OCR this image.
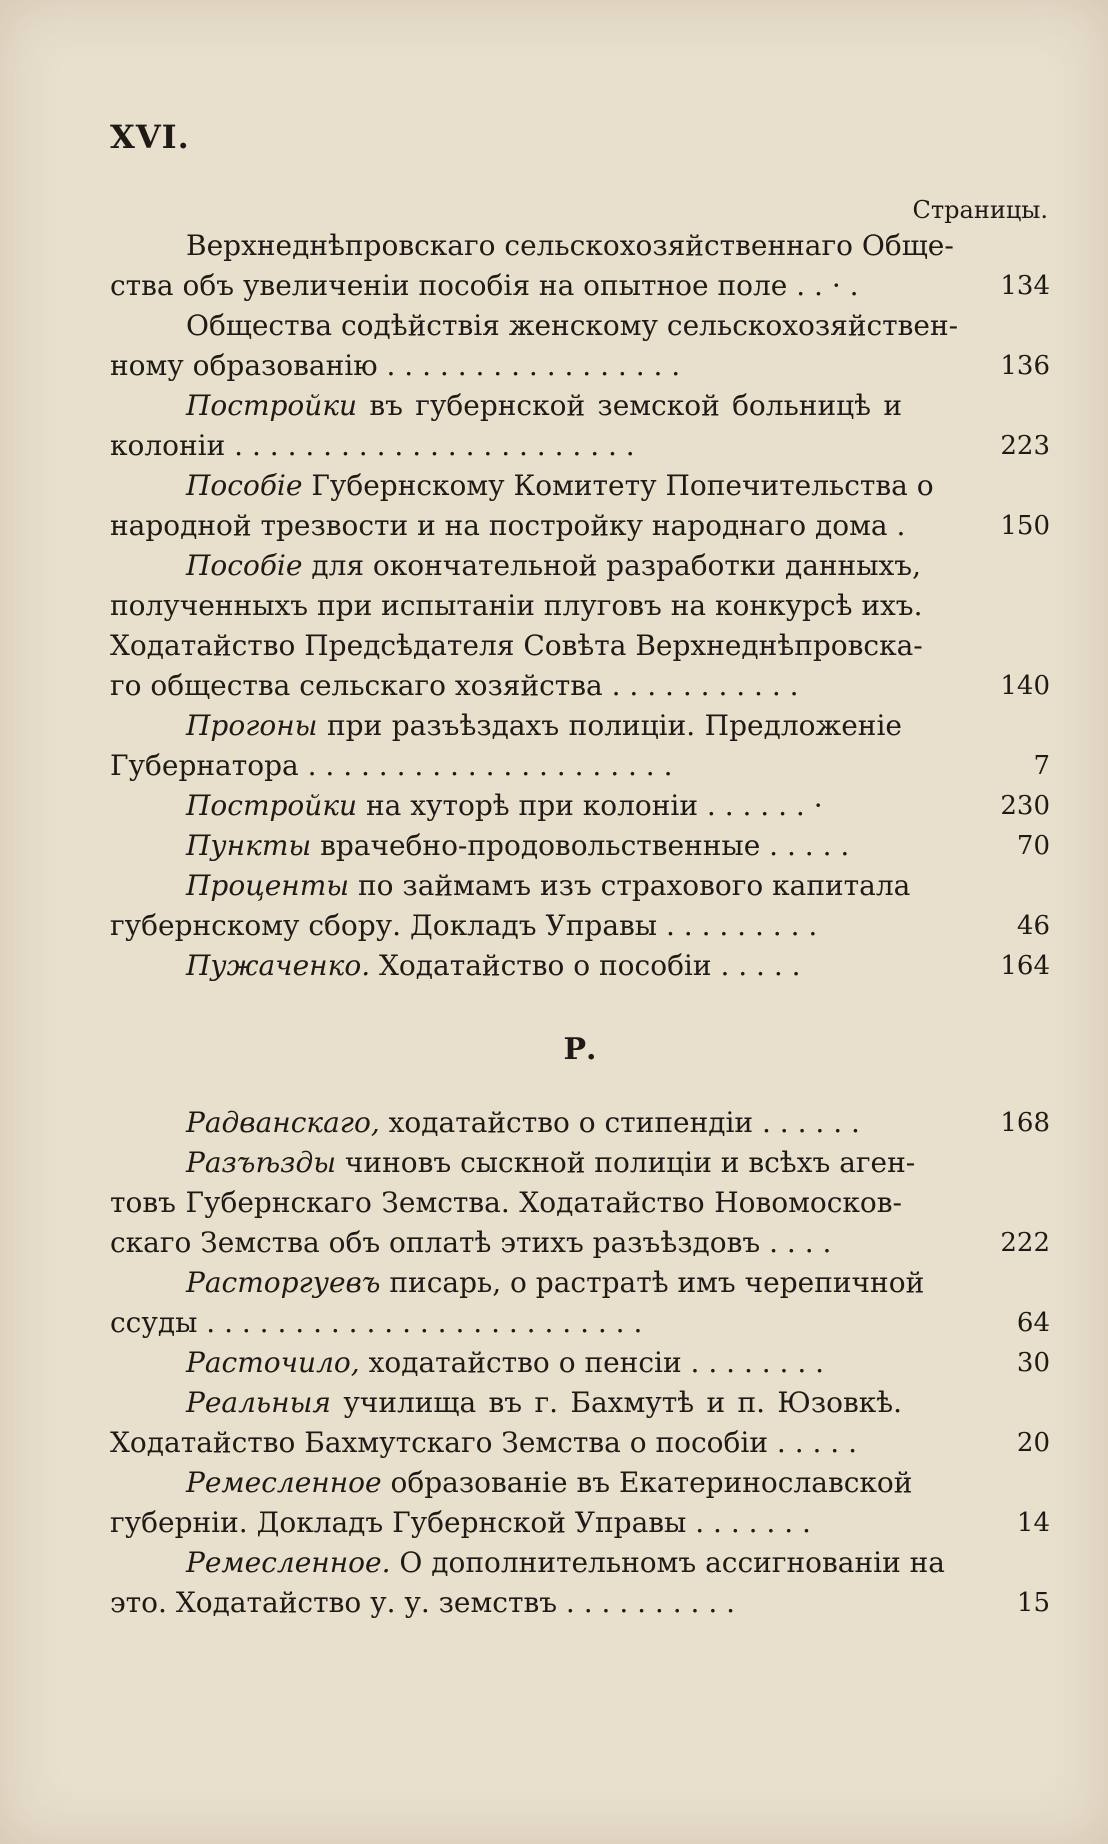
XVI.
Страницы.
Верхнеднѣпровскаго сельскохозяйственнаго Обще-
ства объ увеличеніи пособія на опытное поле . . · .	134
Общества содѣйствія женскому сельскохозяйствен-
ному образованію . . . . . . . . . . . . . . . . .	136
Постройки въ губернской земской больницѣ и
колоніи . . . . . . . . . . . . . . . . . . . . . . .	223
Пособіе Губернскому Комитету Попечительства о
народной трезвости и на постройку народнаго дома .	150
Пособіе для окончательной разработки данныхъ,
полученныхъ при испытаніи плуговъ на конкурсѣ ихъ.
Ходатайство Предсѣдателя Совѣта Верхнеднѣпровска-
го общества сельскаго хозяйства . . . . . . . . . . .	140
Прогоны при разъѣздахъ полиціи. Предложеніе
Губернатора . . . . . . . . . . . . . . . . . . . . .	7
Постройки на хуторѣ при колоніи . . . . . . ·	230
Пункты врачебно-продовольственные . . . . .	70
Проценты по займамъ изъ страхового капитала
губернскому сбору. Докладъ Управы . . . . . . . . .	46
Пужаченко. Ходатайство о пособіи . . . . .	164
Р.
Радванскаго, ходатайство о стипендіи . . . . . .	168
Разъѣзды чиновъ сыскной полиціи и всѣхъ аген-
товъ Губернскаго Земства. Ходатайство Новомосков-
скаго Земства объ оплатѣ этихъ разъѣздовъ . . . .	222
Расторгуевъ писарь, о растратѣ имъ черепичной
ссуды . . . . . . . . . . . . . . . . . . . . . . . . .	64
Расточило, ходатайство о пенсіи . . . . . . . .	30
Реальныя училища въ г. Бахмутѣ и п. Юзовкѣ.
Ходатайство Бахмутскаго Земства о пособіи . . . . .	20
Ремесленное образованіе въ Екатеринославской
губерніи. Докладъ Губернской Управы . . . . . . .	14
Ремесленное. О дополнительномъ ассигнованіи на
это. Ходатайство у. у. земствъ . . . . . . . . . .	15
